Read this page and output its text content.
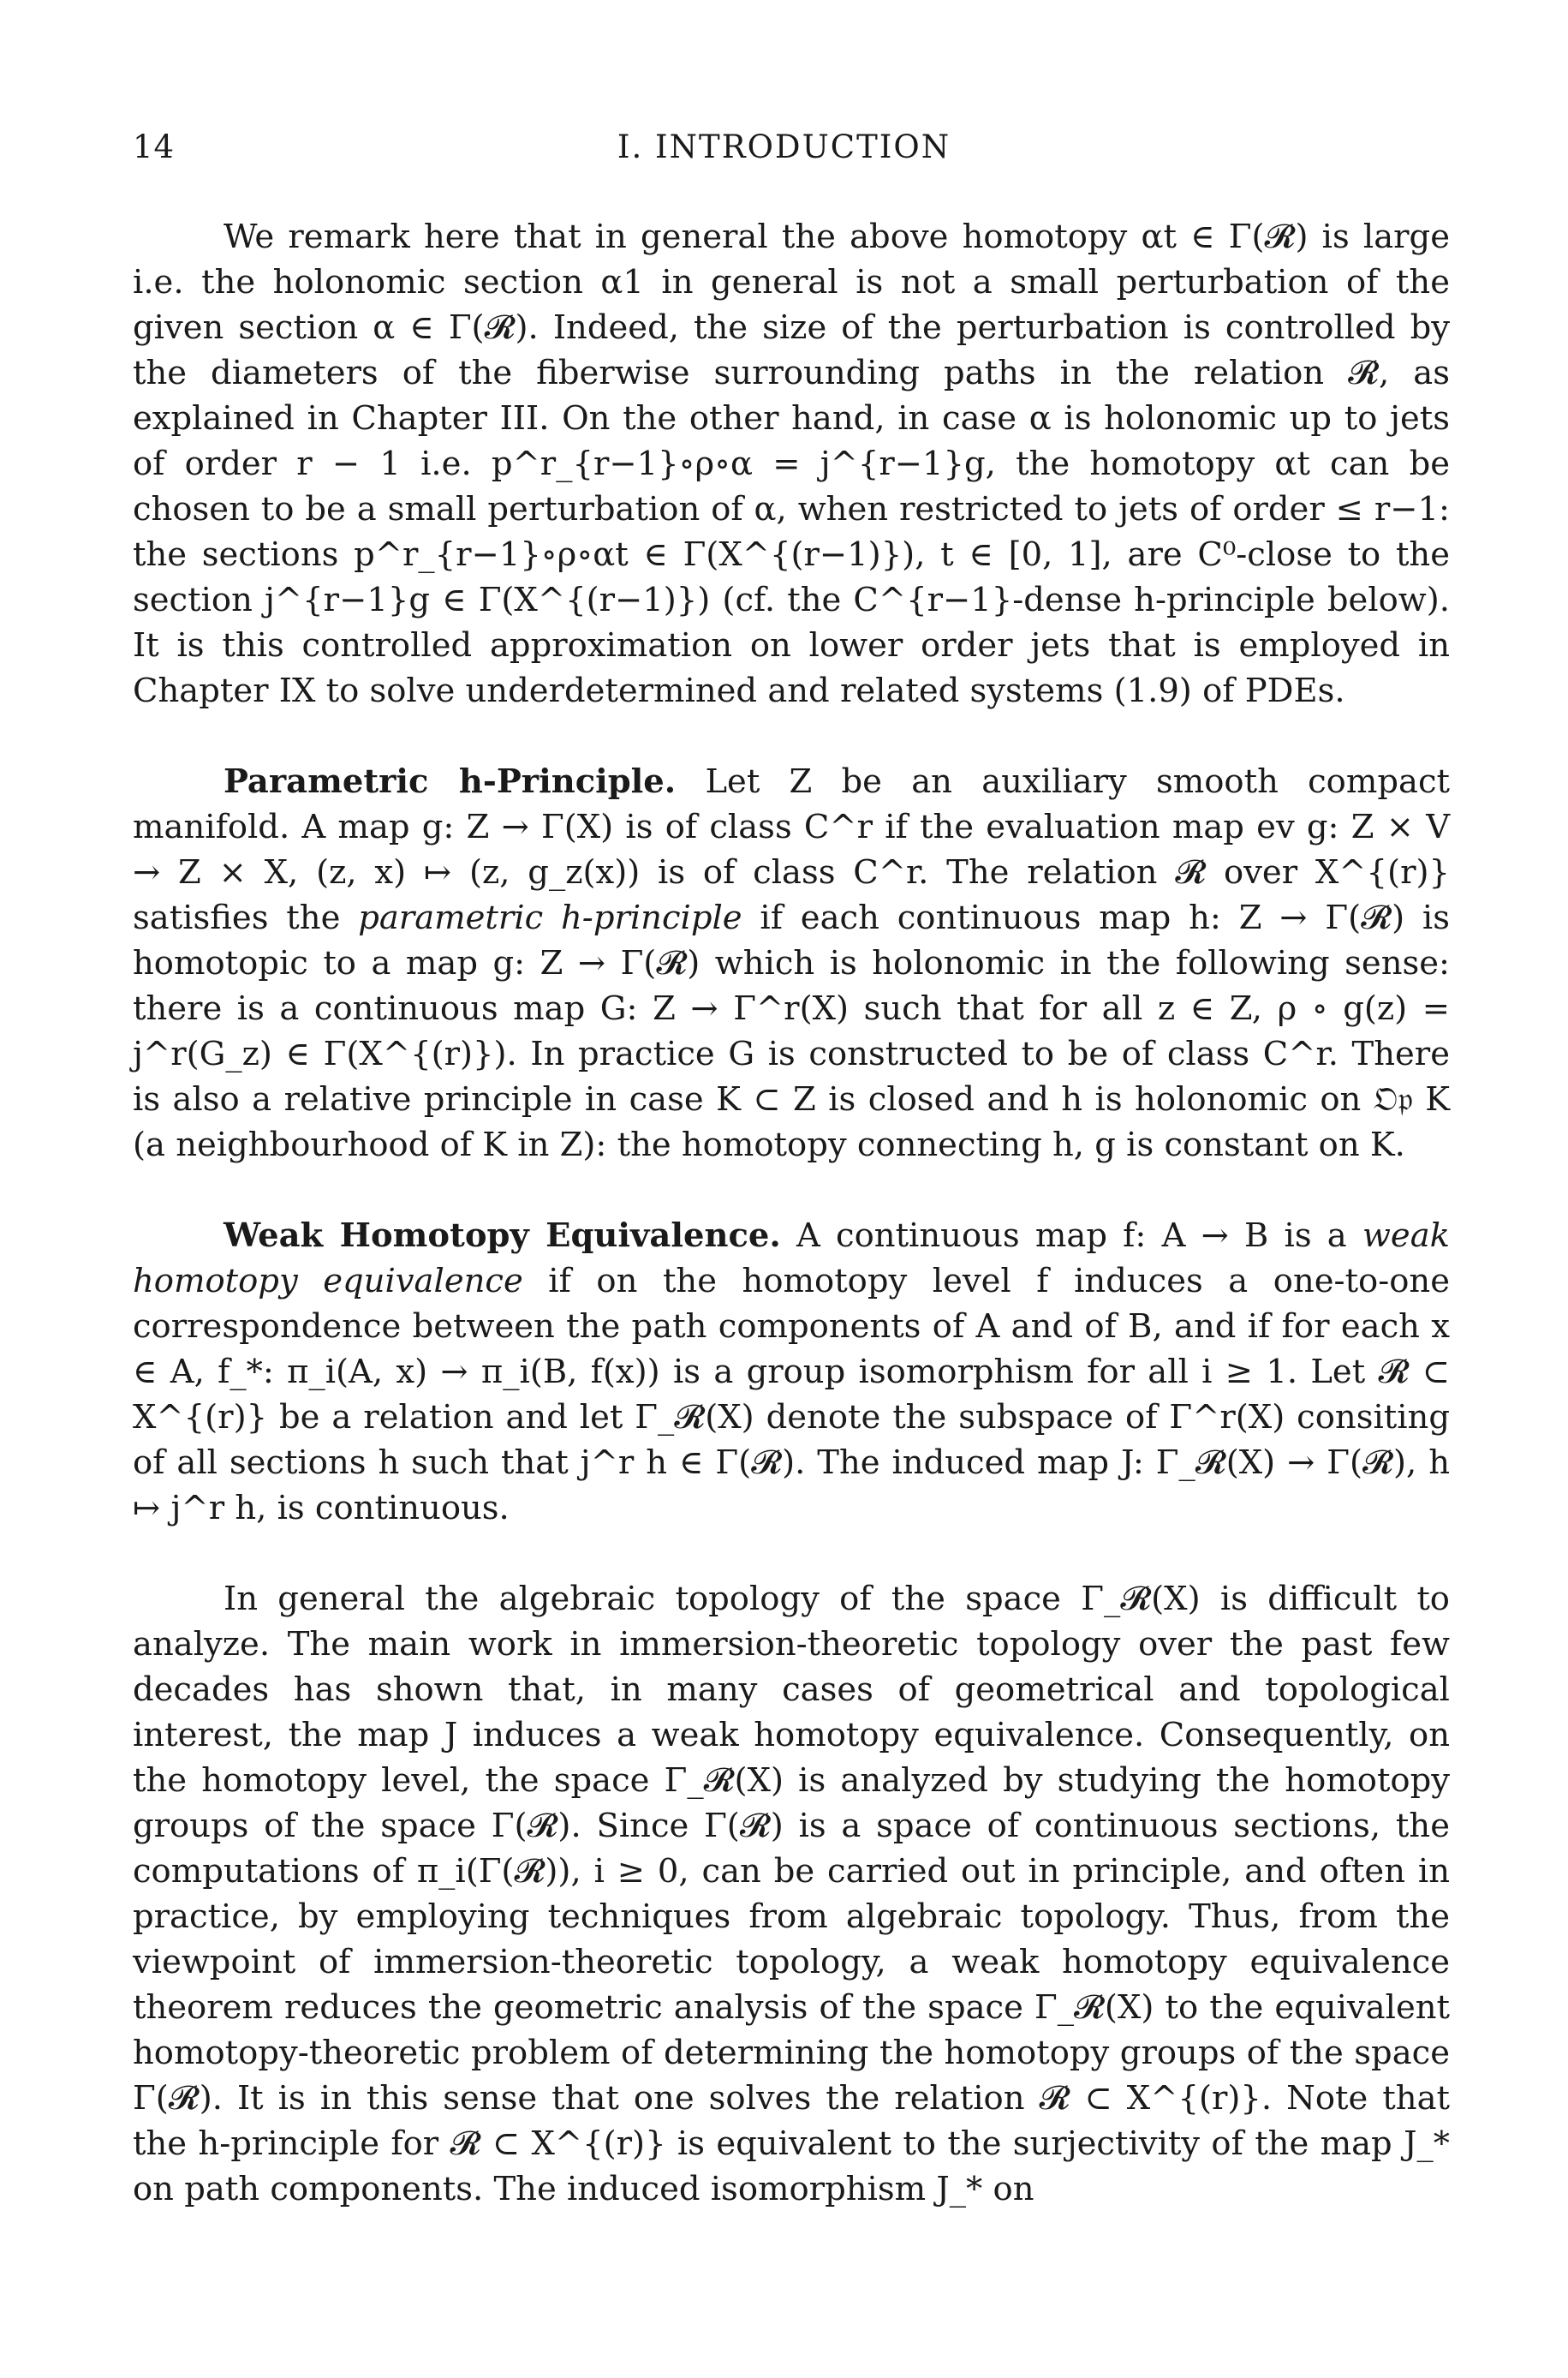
14	I. INTRODUCTION

We remark here that in general the above homotopy αt ∈ Γ(𝓡) is large i.e. the holonomic section α1 in general is not a small perturbation of the given section α ∈ Γ(𝓡). Indeed, the size of the perturbation is controlled by the diameters of the fiberwise surrounding paths in the relation 𝓡, as explained in Chapter III. On the other hand, in case α is holonomic up to jets of order r − 1 i.e. p^r_{r−1}∘ρ∘α = j^{r−1}g, the homotopy αt can be chosen to be a small perturbation of α, when restricted to jets of order ≤ r−1: the sections p^r_{r−1}∘ρ∘αt ∈ Γ(X^{(r−1)}), t ∈ [0, 1], are C⁰-close to the section j^{r−1}g ∈ Γ(X^{(r−1)}) (cf. the C^{r−1}-dense h-principle below). It is this controlled approximation on lower order jets that is employed in Chapter IX to solve underdetermined and related systems (1.9) of PDEs.

Parametric h-Principle. Let Z be an auxiliary smooth compact manifold. A map g: Z → Γ(X) is of class C^r if the evaluation map ev g: Z × V → Z × X, (z, x) ↦ (z, g_z(x)) is of class C^r. The relation 𝓡 over X^{(r)} satisfies the parametric h-principle if each continuous map h: Z → Γ(𝓡) is homotopic to a map g: Z → Γ(𝓡) which is holonomic in the following sense: there is a continuous map G: Z → Γ^r(X) such that for all z ∈ Z, ρ ∘ g(z) = j^r(G_z) ∈ Γ(X^{(r)}). In practice G is constructed to be of class C^r. There is also a relative principle in case K ⊂ Z is closed and h is holonomic on 𝔒𝔭 K (a neighbourhood of K in Z): the homotopy connecting h, g is constant on K.

Weak Homotopy Equivalence. A continuous map f: A → B is a weak homotopy equivalence if on the homotopy level f induces a one-to-one correspondence between the path components of A and of B, and if for each x ∈ A, f_*: π_i(A, x) → π_i(B, f(x)) is a group isomorphism for all i ≥ 1. Let 𝓡 ⊂ X^{(r)} be a relation and let Γ_𝓡(X) denote the subspace of Γ^r(X) consiting of all sections h such that j^r h ∈ Γ(𝓡). The induced map J: Γ_𝓡(X) → Γ(𝓡), h ↦ j^r h, is continuous.

In general the algebraic topology of the space Γ_𝓡(X) is difficult to analyze. The main work in immersion-theoretic topology over the past few decades has shown that, in many cases of geometrical and topological interest, the map J induces a weak homotopy equivalence. Consequently, on the homotopy level, the space Γ_𝓡(X) is analyzed by studying the homotopy groups of the space Γ(𝓡). Since Γ(𝓡) is a space of continuous sections, the computations of π_i(Γ(𝓡)), i ≥ 0, can be carried out in principle, and often in practice, by employing techniques from algebraic topology. Thus, from the viewpoint of immersion-theoretic topology, a weak homotopy equivalence theorem reduces the geometric analysis of the space Γ_𝓡(X) to the equivalent homotopy-theoretic problem of determining the homotopy groups of the space Γ(𝓡). It is in this sense that one solves the relation 𝓡 ⊂ X^{(r)}. Note that the h-principle for 𝓡 ⊂ X^{(r)} is equivalent to the surjectivity of the map J_* on path components. The induced isomorphism J_* on
